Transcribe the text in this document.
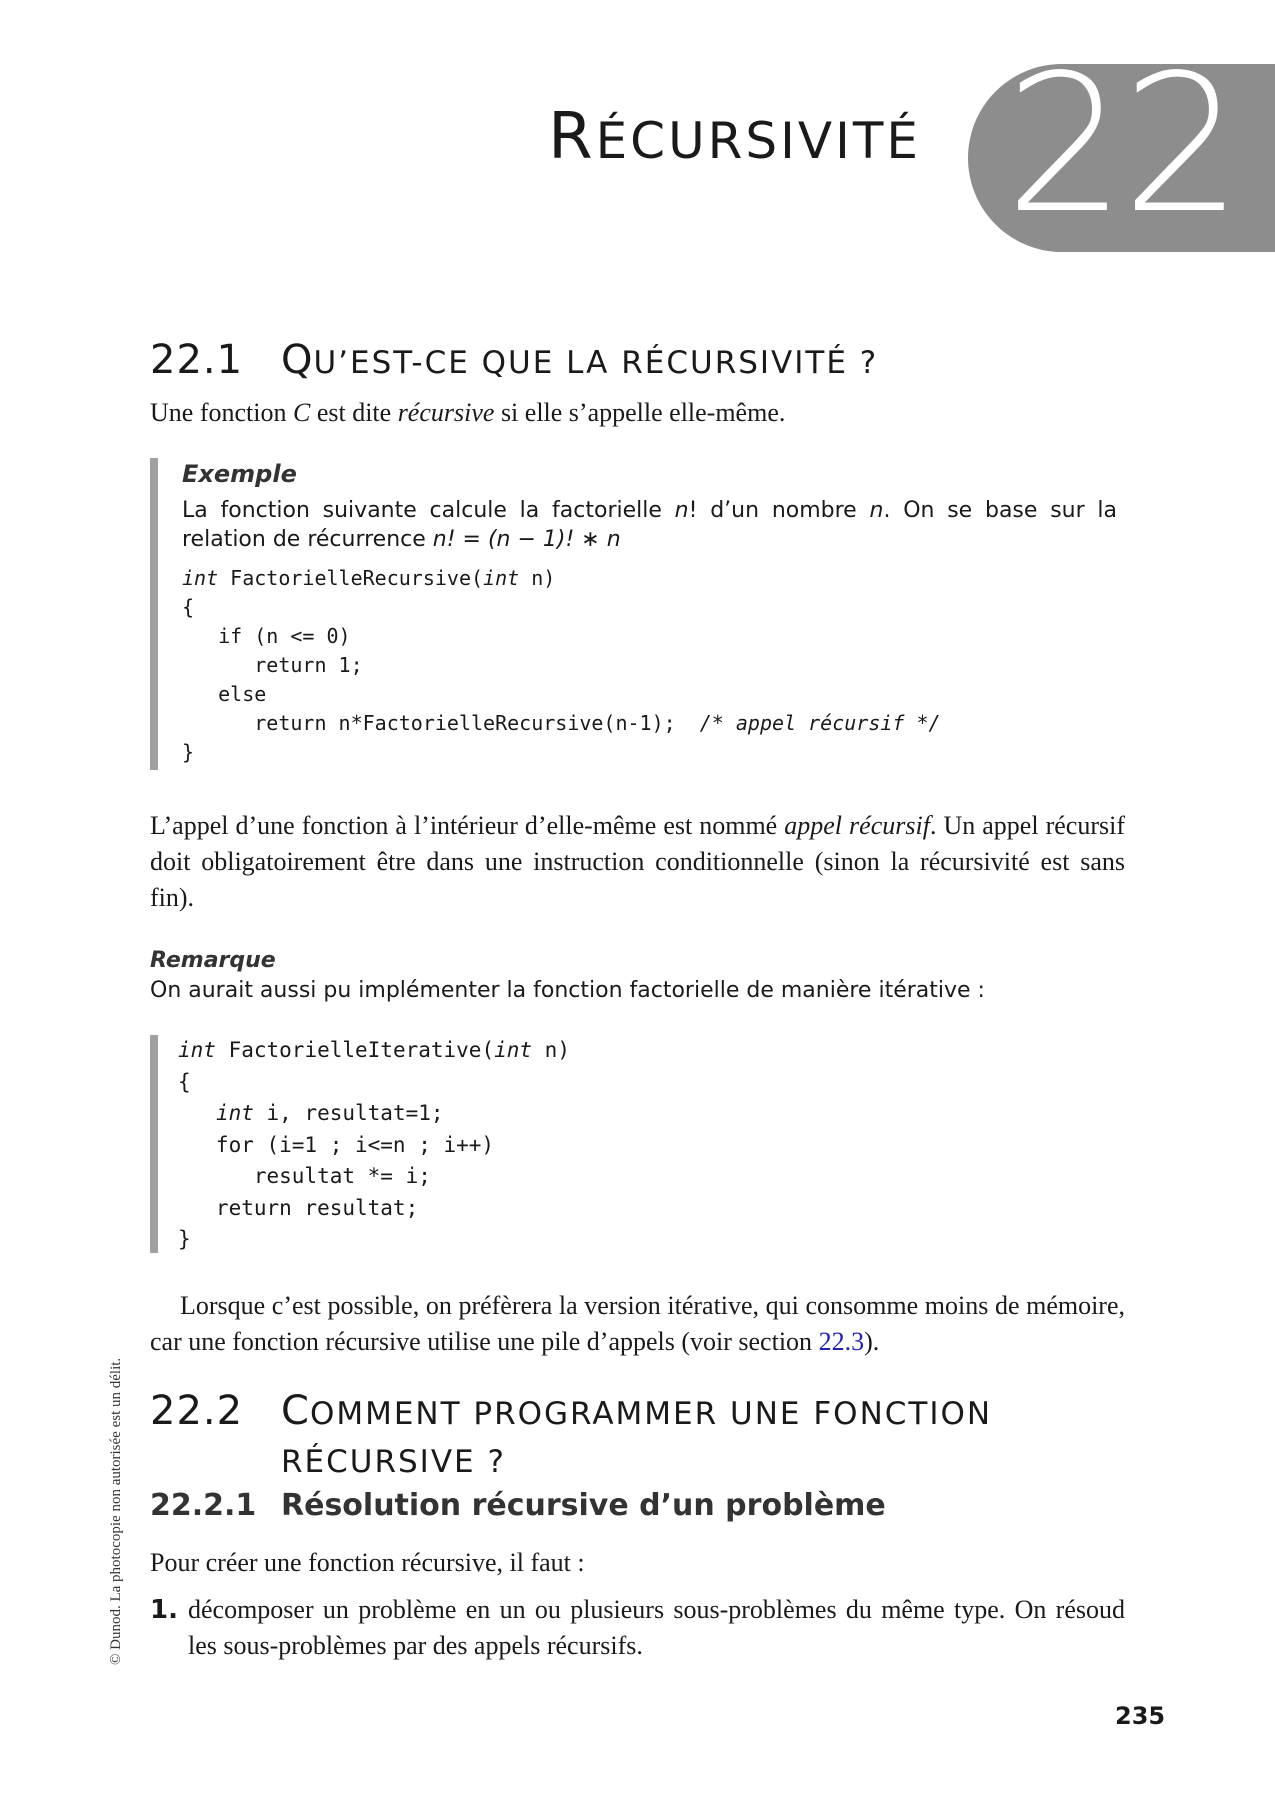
RÉCURSIVITÉ 22
22.1 QU’EST-CE QUE LA RÉCURSIVITÉ ?
Une fonction C est dite récursive si elle s’appelle elle-même.
Exemple
La fonction suivante calcule la factorielle n! d’un nombre n. On se base sur la relation de récurrence n! = (n − 1)! ∗ n
int FactorielleRecursive(int n)
{
if (n <= 0)
return 1;
else
return n*FactorielleRecursive(n-1);  /* appel récursif */
}
L’appel d’une fonction à l’intérieur d’elle-même est nommé appel récursif. Un appel récursif doit obligatoirement être dans une instruction conditionnelle (sinon la récursivité est sans fin).
Remarque
On aurait aussi pu implémenter la fonction factorielle de manière itérative :
int FactorielleIterative(int n)
{
int i, resultat=1;
for (i=1 ; i<=n ; i++)
resultat *= i;
return resultat;
}
Lorsque c’est possible, on préfèrera la version itérative, qui consomme moins de mémoire, car une fonction récursive utilise une pile d’appels (voir section 22.3).
22.2 COMMENT PROGRAMMER UNE FONCTION
RÉCURSIVE ?
22.2.1 Résolution récursive d’un problème
Pour créer une fonction récursive, il faut :
1. décomposer un problème en un ou plusieurs sous-problèmes du même type. On résoud les sous-problèmes par des appels récursifs.
© Dunod. La photocopie non autorisée est un délit.
235
